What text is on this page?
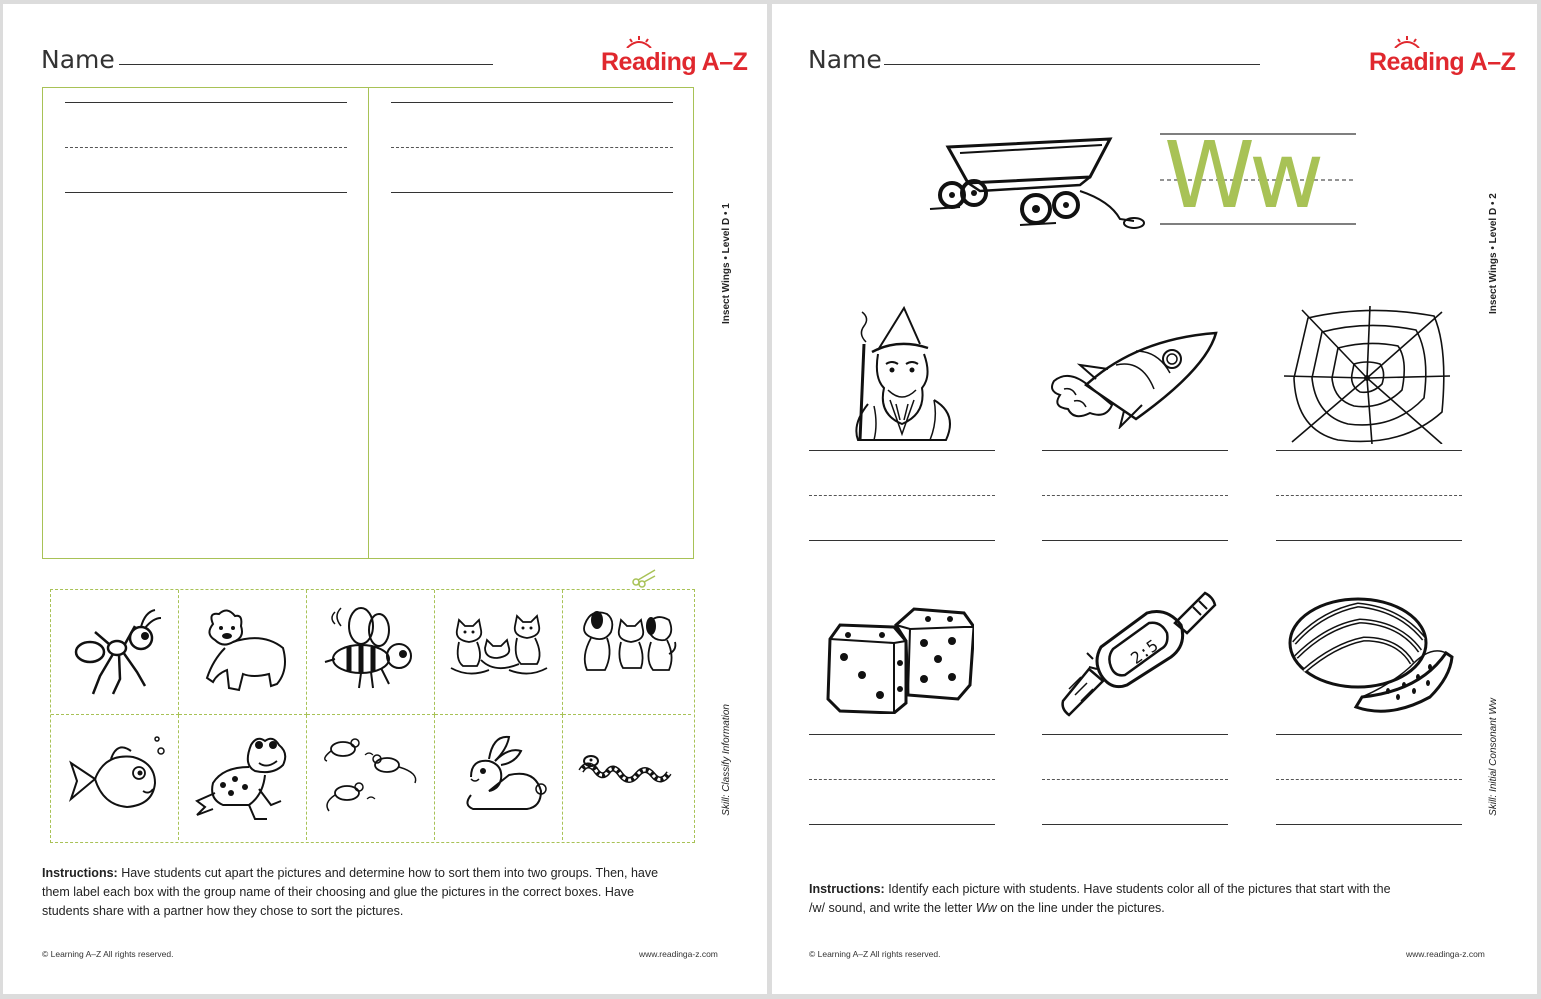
Name	Reading A–Z
Instructions: Have students cut apart the pictures and determine how to sort them into two groups. Then, have them label each box with the group name of their choosing and glue the pictures in the correct boxes. Have students share with a partner how they chose to sort the pictures.
Insect Wings • Level D • 1
Skill: Classify Information
© Learning A–Z All rights reserved.	www.readinga-z.com
Name	Reading A–Z
Ww
2:5
Instructions: Identify each picture with students. Have students color all of the pictures that start with the
/w/ sound, and write the letter Ww on the line under the pictures.
Insect Wings • Level D • 2
Skill: Initial Consonant Ww
© Learning A–Z All rights reserved.	www.readinga-z.com
